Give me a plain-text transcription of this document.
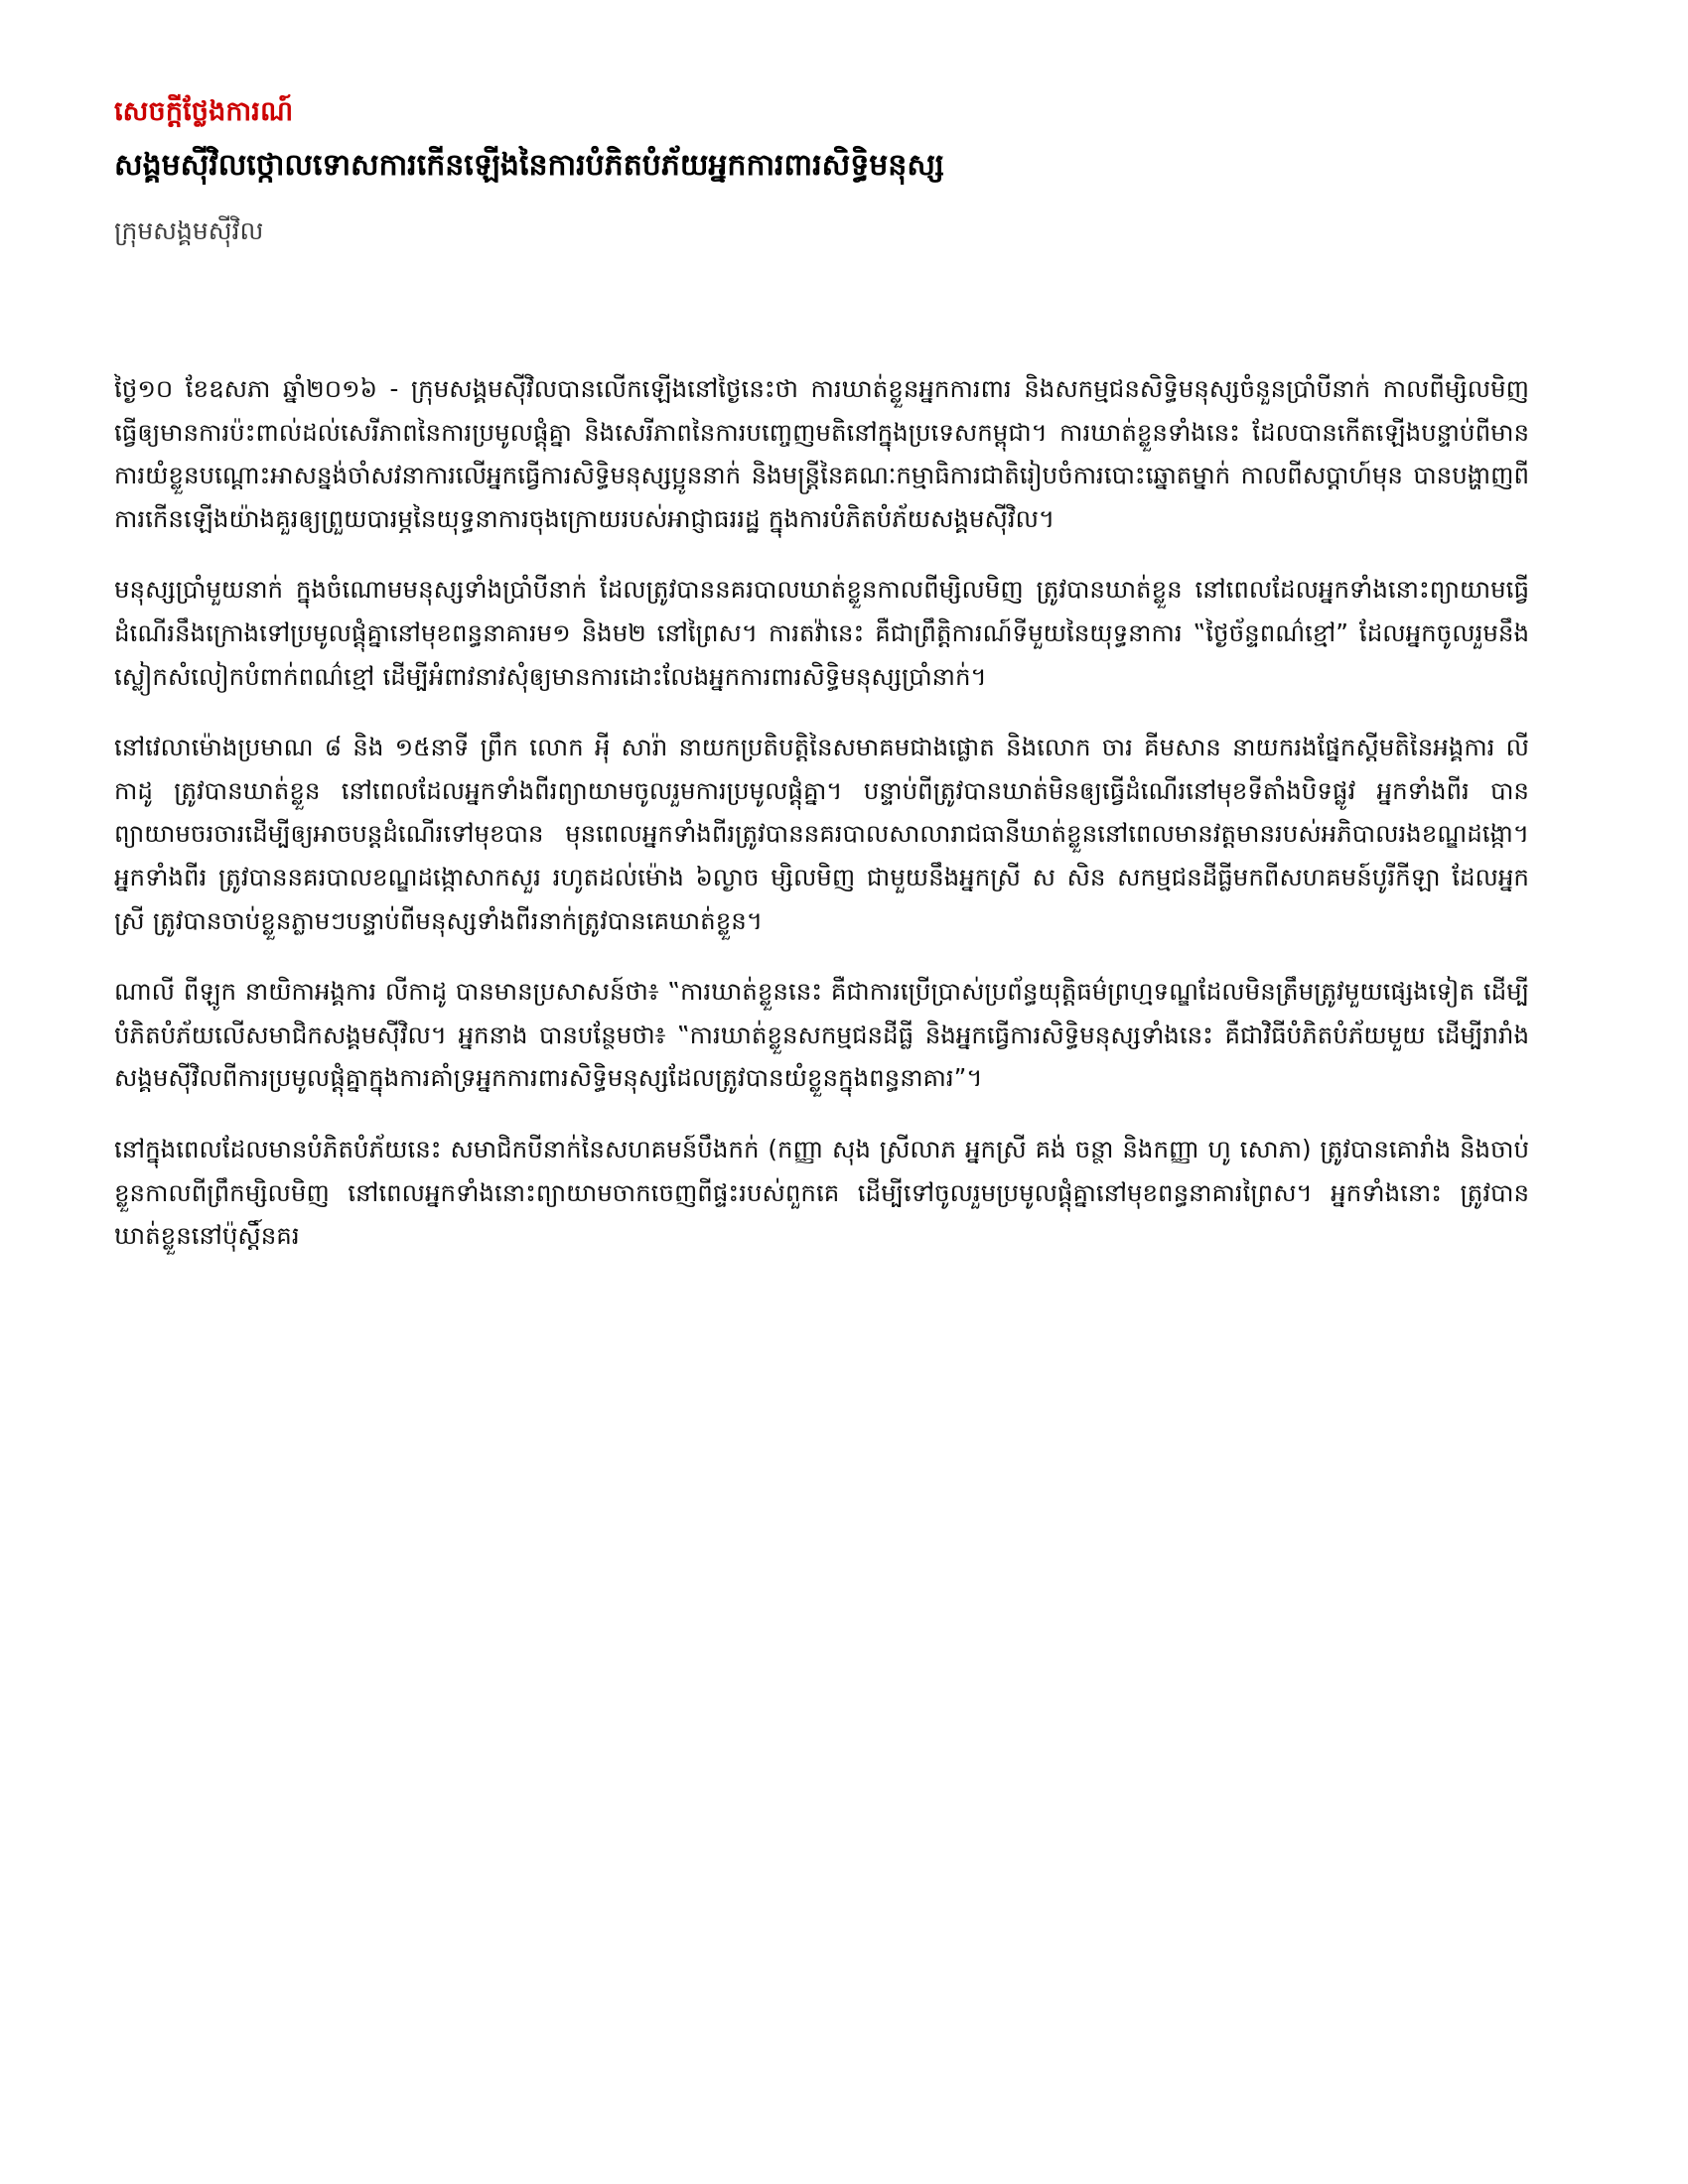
សេចក្ដីថ្លែងការណ៍
សង្គមស៊ីវិលថ្កោលទោសការកើនឡើងនៃការបំភិតបំភ័យអ្នកការពារសិទ្ធិមនុស្ស
ក្រុមសង្គមស៊ីវិល

ថ្ងៃ១០ ខែឧសភា ឆ្នាំ២០១៦ - ក្រុមសង្គមស៊ីវិលបានលើកឡើងនៅថ្ងៃនេះថា ការឃាត់ខ្លួនអ្នកការពារ និងសកម្មជនសិទ្ធិមនុស្សចំនួនប្រាំបីនាក់ កាលពីម្សិលមិញ ធ្វើឲ្យមានការប៉ះពាល់ដល់សេរីភាពនៃការប្រមូលផ្ដុំគ្នា និងសេរីភាពនៃការបញ្ចេញមតិនៅក្នុងប្រទេសកម្ពុជា។ ការឃាត់ខ្លួនទាំងនេះ ដែលបានកើតឡើងបន្ទាប់ពីមានការយំខ្លួនបណ្ដោះអាសន្នង់ចាំសវនាការលើអ្នកធ្វើការសិទ្ធិមនុស្សប្អូននាក់ និងមន្ត្រីនៃគណៈកម្មាធិការជាតិរៀបចំការបោះឆ្នោតម្នាក់ កាលពីសប្ដាហ៍មុន បានបង្ហាញពីការកើនឡើងយ៉ាងគួរឲ្យព្រួយបារម្ភនៃយុទ្ធនាការចុងក្រោយរបស់អាជ្ញាធររដ្ឋ ក្នុងការបំភិតបំភ័យសង្គមស៊ីវិល។

មនុស្សប្រាំមួយនាក់ ក្នុងចំណោមមនុស្សទាំងប្រាំបីនាក់ ដែលត្រូវបាននគរបាលឃាត់ខ្លួនកាលពីម្សិលមិញ ត្រូវបានឃាត់ខ្លួន នៅពេលដែលអ្នកទាំងនោះព្យាយាមធ្វើដំណើរនឹងក្រោងទៅប្រមូលផ្ដុំគ្នានៅមុខពន្ធនាគារម១ និងម២ នៅព្រៃស។ ការតវ៉ានេះ គឺជាព្រឹត្តិការណ៍ទីមួយនៃយុទ្ធនាការ ‟ថ្ងៃច័ន្ទពណ៌ខ្មៅ” ដែលអ្នកចូលរួមនឹងស្លៀកសំលៀកបំពាក់ពណ៌ខ្មៅ ដើម្បីអំពាវនាវសុំឲ្យមានការដោះលែងអ្នកការពារសិទ្ធិមនុស្សប្រាំនាក់។

នៅវេលាម៉ោងប្រមាណ ៨ និង ១៥នាទី ព្រឹក លោក អុី សារ៉ា នាយកប្រតិបត្តិនៃសមាគមជាងផ្លោត និងលោក ចារ គីមសាន នាយករងផ្នែកស្ដីមតិនៃអង្គការ លីកាដូ ត្រូវបានឃាត់ខ្លួន នៅពេលដែលអ្នកទាំងពីរព្យាយាមចូលរួមការប្រមូលផ្ដុំគ្នា។ បន្ទាប់ពីត្រូវបានឃាត់មិនឲ្យធ្វើដំណើរនៅមុខទីតាំងបិទផ្លូវ អ្នកទាំងពីរ បានព្យាយាមចរចារដើម្បីឲ្យអាចបន្តដំណើរទៅមុខបាន មុនពេលអ្នកទាំងពីរត្រូវបាននគរបាលសាលារាជធានីឃាត់ខ្លួននៅពេលមានវត្តមានរបស់អភិបាលរងខណ្ឌដង្កោ។ អ្នកទាំងពីរ ត្រូវបាននគរបាលខណ្ឌដង្កោសាកសួរ រហូតដល់ម៉ោង ៦ល្ងាច ម្សិលមិញ ជាមួយនឹងអ្នកស្រី ស សិន សកម្មជនដីធ្លីមកពីសហគមន៍បូរីកីឡា ដែលអ្នកស្រី ត្រូវបានចាប់ខ្លួនភ្លាមៗបន្ទាប់ពីមនុស្សទាំងពីរនាក់ត្រូវបានគេឃាត់ខ្លួន។

ណាលី ពីឡូក នាយិកាអង្គការ លីកាដូ បានមានប្រសាសន៍ថា៖ ‟ការឃាត់ខ្លួននេះ គឺជាការប្រើប្រាស់ប្រព័ន្ធយុត្តិធម៌ព្រហ្មទណ្ឌដែលមិនត្រឹមត្រូវមួយផ្សេងទៀត ដើម្បីបំភិតបំភ័យលើសមាជិកសង្គមស៊ីវិល។ អ្នកនាង បានបន្ថែមថា៖ ‟ការឃាត់ខ្លួនសកម្មជនដីធ្លី និងអ្នកធ្វើការសិទ្ធិមនុស្សទាំងនេះ គឺជាវិធីបំភិតបំភ័យមួយ ដើម្បីរារាំងសង្គមស៊ីវិលពីការប្រមូលផ្ដុំគ្នាក្នុងការគាំទ្រអ្នកការពារសិទ្ធិមនុស្សដែលត្រូវបានយំខ្លួនក្នុងពន្ធនាគារ”។

នៅក្នុងពេលដែលមានបំភិតបំភ័យនេះ សមាជិកបីនាក់នៃសហគមន៍បឹងកក់ (កញ្ញា សុង ស្រីលាភ អ្នកស្រី គង់ ចន្ថា និងកញ្ញា ហូ សោភា) ត្រូវបានគោរាំង និងចាប់ខ្លួនកាលពីព្រឹកម្សិលមិញ នៅពេលអ្នកទាំងនោះព្យាយាមចាកចេញពីផ្ទះរបស់ពួកគេ ដើម្បីទៅចូលរួមប្រមូលផ្ដុំគ្នានៅមុខពន្ធនាគារព្រៃស។ អ្នកទាំងនោះ ត្រូវបានឃាត់ខ្លួននៅប៉ុស្ដិ៍នគរ
